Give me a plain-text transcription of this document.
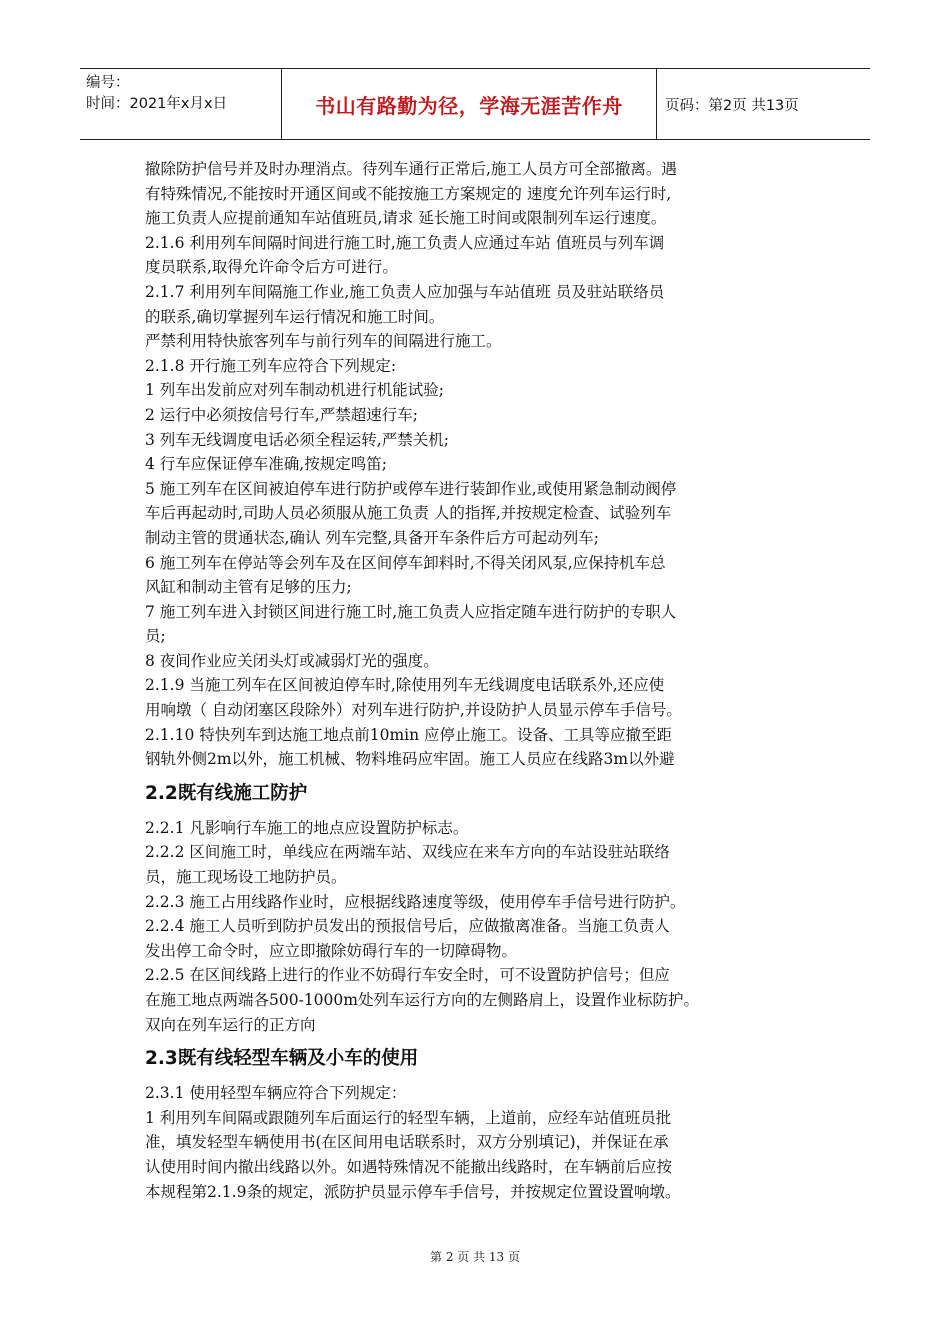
编号：
时间：2021年x月x日	书山有路勤为径，学海无涯苦作舟	页码：第2页 共13页

撤除防护信号并及时办理消点。待列车通行正常后,施工人员方可全部撤离。遇

有特殊情况,不能按时开通区间或不能按施工方案规定的 速度允许列车运行时,

施工负责人应提前通知车站值班员,请求 延长施工时间或限制列车运行速度。

2.1.6 利用列车间隔时间进行施工时,施工负责人应通过车站 值班员与列车调

度员联系,取得允许命令后方可进行。

2.1.7 利用列车间隔施工作业,施工负责人应加强与车站值班 员及驻站联络员

的联系,确切掌握列车运行情况和施工时间。

严禁利用特快旅客列车与前行列车的间隔进行施工。

2.1.8 开行施工列车应符合下列规定:

1 列车出发前应对列车制动机进行机能试验;

2 运行中必须按信号行车,严禁超速行车;

3 列车无线调度电话必须全程运转,严禁关机;

4 行车应保证停车准确,按规定鸣笛;

5 施工列车在区间被迫停车进行防护或停车进行装卸作业,或使用紧急制动阀停

车后再起动时,司助人员必须服从施工负责 人的指挥,并按规定检查、试验列车

制动主管的贯通状态,确认 列车完整,具备开车条件后方可起动列车;

6 施工列车在停站等会列车及在区间停车卸料时,不得关闭风泵,应保持机车总

风缸和制动主管有足够的压力;

7 施工列车进入封锁区间进行施工时,施工负责人应指定随车进行防护的专职人

员;

8 夜间作业应关闭头灯或减弱灯光的强度。

2.1.9 当施工列车在区间被迫停车时,除使用列车无线调度电话联系外,还应使

用响墩（ 自动闭塞区段除外）对列车进行防护,并设防护人员显示停车手信号。

2.1.10 特快列车到达施工地点前10min 应停止施工。设备、工具等应撤至距

钢轨外侧2m以外，施工机械、物料堆码应牢固。施工人员应在线路3m以外避

2.2既有线施工防护

2.2.1 凡影响行车施工的地点应设置防护标志。

2.2.2 区间施工时，单线应在两端车站、双线应在来车方向的车站设驻站联络

员，施工现场设工地防护员。

2.2.3 施工占用线路作业时，应根据线路速度等级，使用停车手信号进行防护。

2.2.4 施工人员听到防护员发出的预报信号后，应做撤离准备。当施工负责人

发出停工命令时，应立即撤除妨碍行车的一切障碍物。

2.2.5 在区间线路上进行的作业不妨碍行车安全时，可不设置防护信号；但应

在施工地点两端各500-1000m处列车运行方向的左侧路肩上，设置作业标防护。

双向在列车运行的正方向

2.3既有线轻型车辆及小车的使用

2.3.1 使用轻型车辆应符合下列规定：

1 利用列车间隔或跟随列车后面运行的轻型车辆，上道前，应经车站值班员批

准，填发轻型车辆使用书(在区间用电话联系时，双方分别填记)，并保证在承

认使用时间内撤出线路以外。如遇特殊情况不能撤出线路时，在车辆前后应按

本规程第2.1.9条的规定，派防护员显示停车手信号，并按规定位置设置响墩。

第 2 页 共 13 页
